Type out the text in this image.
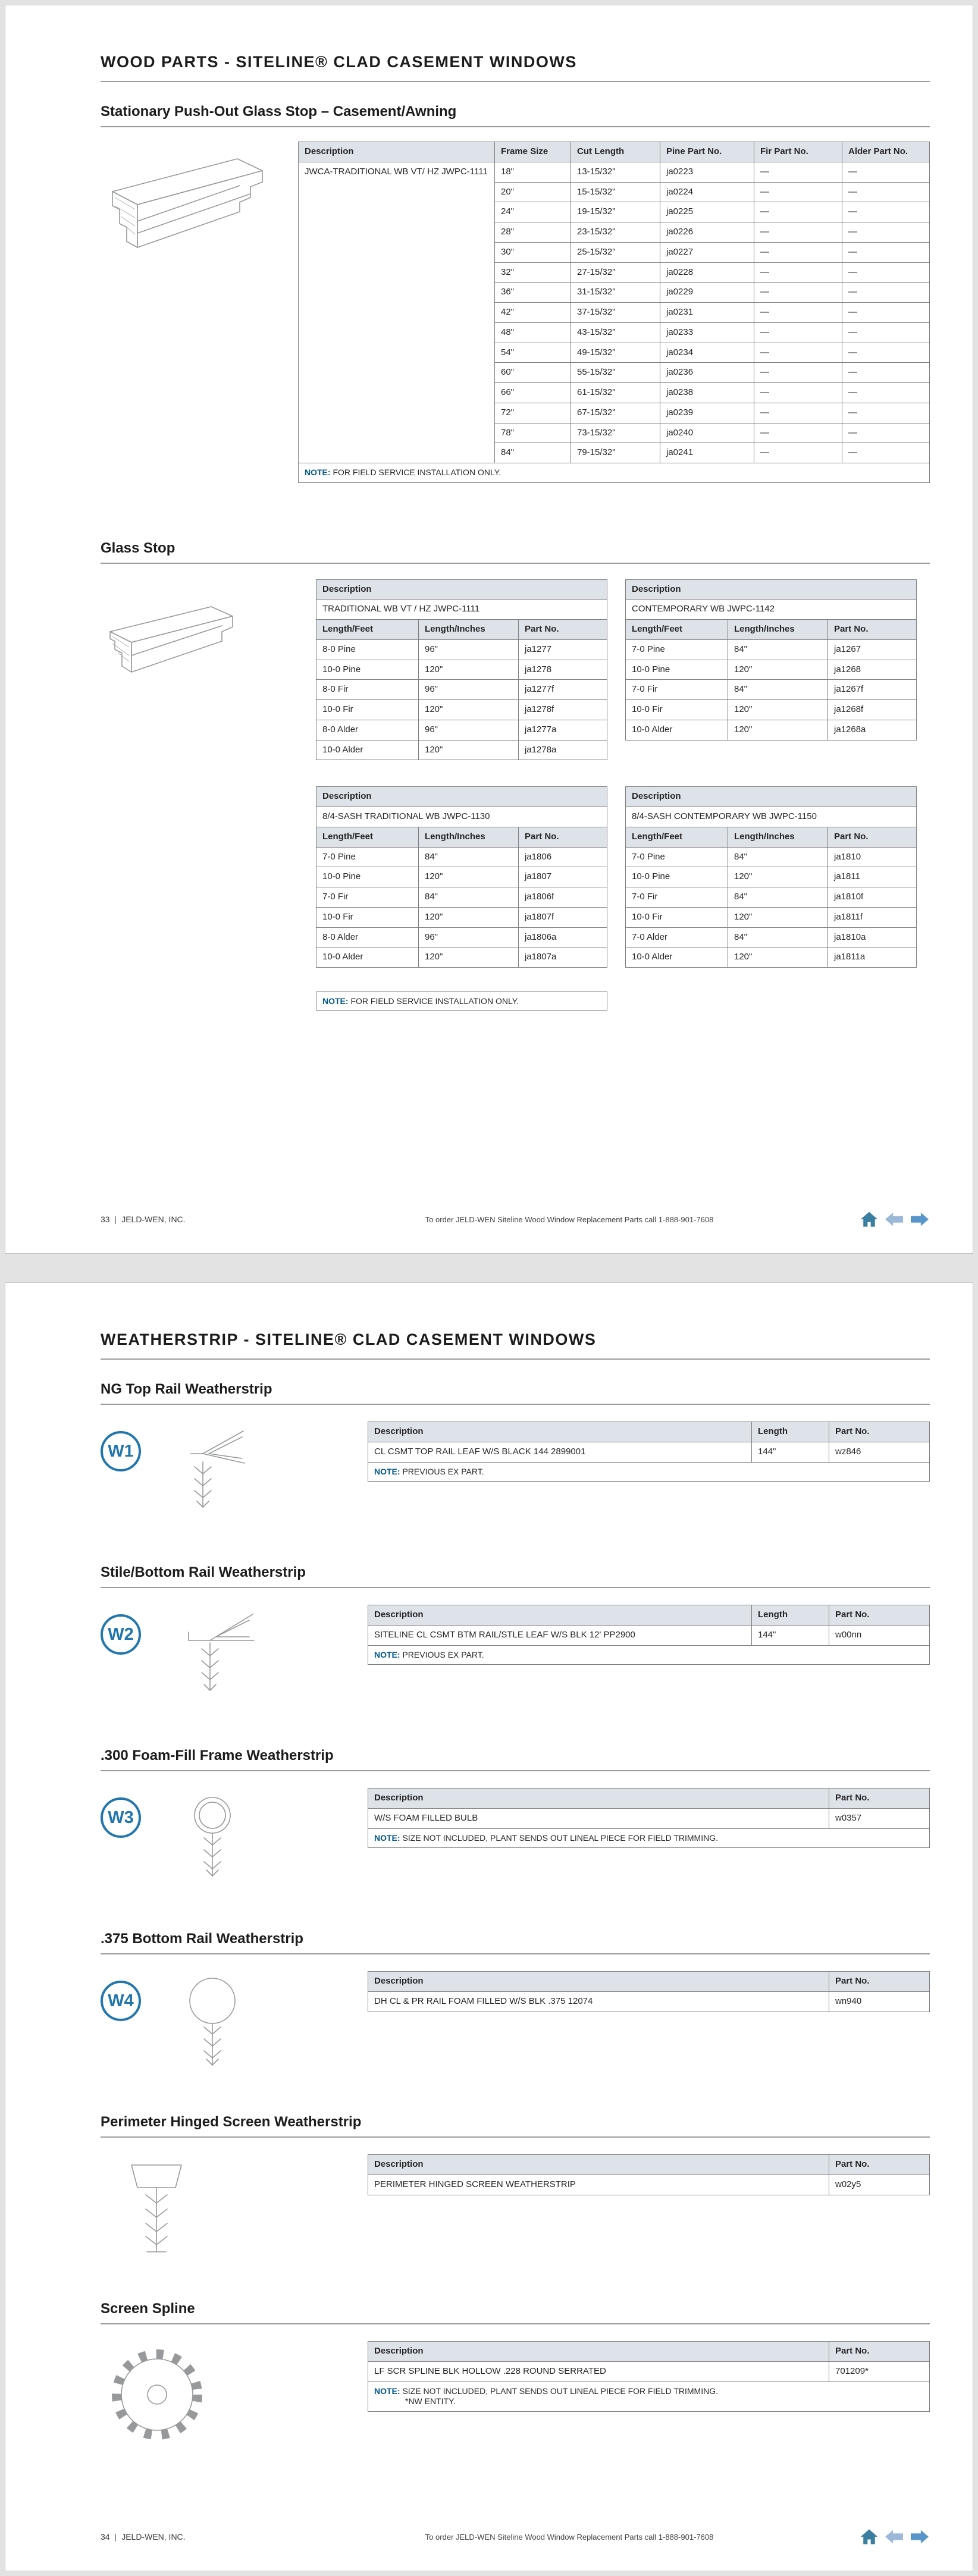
WOOD PARTS - SITELINE® CLAD CASEMENT WINDOWS
Stationary Push-Out Glass Stop – Casement/Awning
Description	Frame Size	Cut Length	Pine Part No.	Fir Part No.	Alder Part No.
JWCA-TRADITIONAL WB VT/ HZ JWPC-1111	18"	13-15/32"	ja0223	—	—
	20"	15-15/32"	ja0224	—	—
	24"	19-15/32"	ja0225	—	—
	28"	23-15/32"	ja0226	—	—
	30"	25-15/32"	ja0227	—	—
	32"	27-15/32"	ja0228	—	—
	36"	31-15/32"	ja0229	—	—
	42"	37-15/32"	ja0231	—	—
	48"	43-15/32"	ja0233	—	—
	54"	49-15/32"	ja0234	—	—
	60"	55-15/32"	ja0236	—	—
	66"	61-15/32"	ja0238	—	—
	72"	67-15/32"	ja0239	—	—
	78"	73-15/32"	ja0240	—	—
	84"	79-15/32"	ja0241	—	—
NOTE: FOR FIELD SERVICE INSTALLATION ONLY.					
Glass Stop
Description		
TRADITIONAL WB VT / HZ JWPC-1111		
Length/Feet	Length/Inches	Part No.
8-0 Pine	96"	ja1277
10-0 Pine	120"	ja1278
8-0 Fir	96"	ja1277f
10-0 Fir	120"	ja1278f
8-0 Alder	96"	ja1277a
10-0 Alder	120"	ja1278a
Description		
CONTEMPORARY WB JWPC-1142		
Length/Feet	Length/Inches	Part No.
7-0 Pine	84"	ja1267
10-0 Pine	120"	ja1268
7-0 Fir	84"	ja1267f
10-0 Fir	120"	ja1268f
10-0 Alder	120"	ja1268a
Description		
8/4-SASH TRADITIONAL WB JWPC-1130		
Length/Feet	Length/Inches	Part No.
7-0 Pine	84"	ja1806
10-0 Pine	120"	ja1807
7-0 Fir	84"	ja1806f
10-0 Fir	120"	ja1807f
8-0 Alder	96"	ja1806a
10-0 Alder	120"	ja1807a
Description		
8/4-SASH CONTEMPORARY WB JWPC-1150		
Length/Feet	Length/Inches	Part No.
7-0 Pine	84"	ja1810
10-0 Pine	120"	ja1811
7-0 Fir	84"	ja1810f
10-0 Fir	120"	ja1811f
7-0 Alder	84"	ja1810a
10-0 Alder	120"	ja1811a
NOTE: FOR FIELD SERVICE INSTALLATION ONLY.
33 | JELD-WEN, INC.	To order JELD-WEN Siteline Wood Window Replacement Parts call 1-888-901-7608
WEATHERSTRIP - SITELINE® CLAD CASEMENT WINDOWS
NG Top Rail Weatherstrip
W1
Description	Length	Part No.
CL CSMT TOP RAIL LEAF W/S BLACK 144 2899001	144"	wz846
NOTE: PREVIOUS EX PART.		
Stile/Bottom Rail Weatherstrip
W2
Description	Length	Part No.
SITELINE CL CSMT BTM RAIL/STLE LEAF W/S BLK 12' PP2900	144"	w00nn
NOTE: PREVIOUS EX PART.		
.300 Foam-Fill Frame Weatherstrip
W3
Description	Part No.
W/S FOAM FILLED BULB	w0357
NOTE: SIZE NOT INCLUDED, PLANT SENDS OUT LINEAL PIECE FOR FIELD TRIMMING.	
.375 Bottom Rail Weatherstrip
W4
Description	Part No.
DH CL & PR RAIL FOAM FILLED W/S BLK .375 12074	wn940
Perimeter Hinged Screen Weatherstrip
Description	Part No.
PERIMETER HINGED SCREEN WEATHERSTRIP	w02y5
Screen Spline
Description	Part No.
LF SCR SPLINE BLK HOLLOW .228 ROUND SERRATED	701209*
NOTE: SIZE NOT INCLUDED, PLANT SENDS OUT LINEAL PIECE FOR FIELD TRIMMING.
*NW ENTITY.	
34 | JELD-WEN, INC.	To order JELD-WEN Siteline Wood Window Replacement Parts call 1-888-901-7608
